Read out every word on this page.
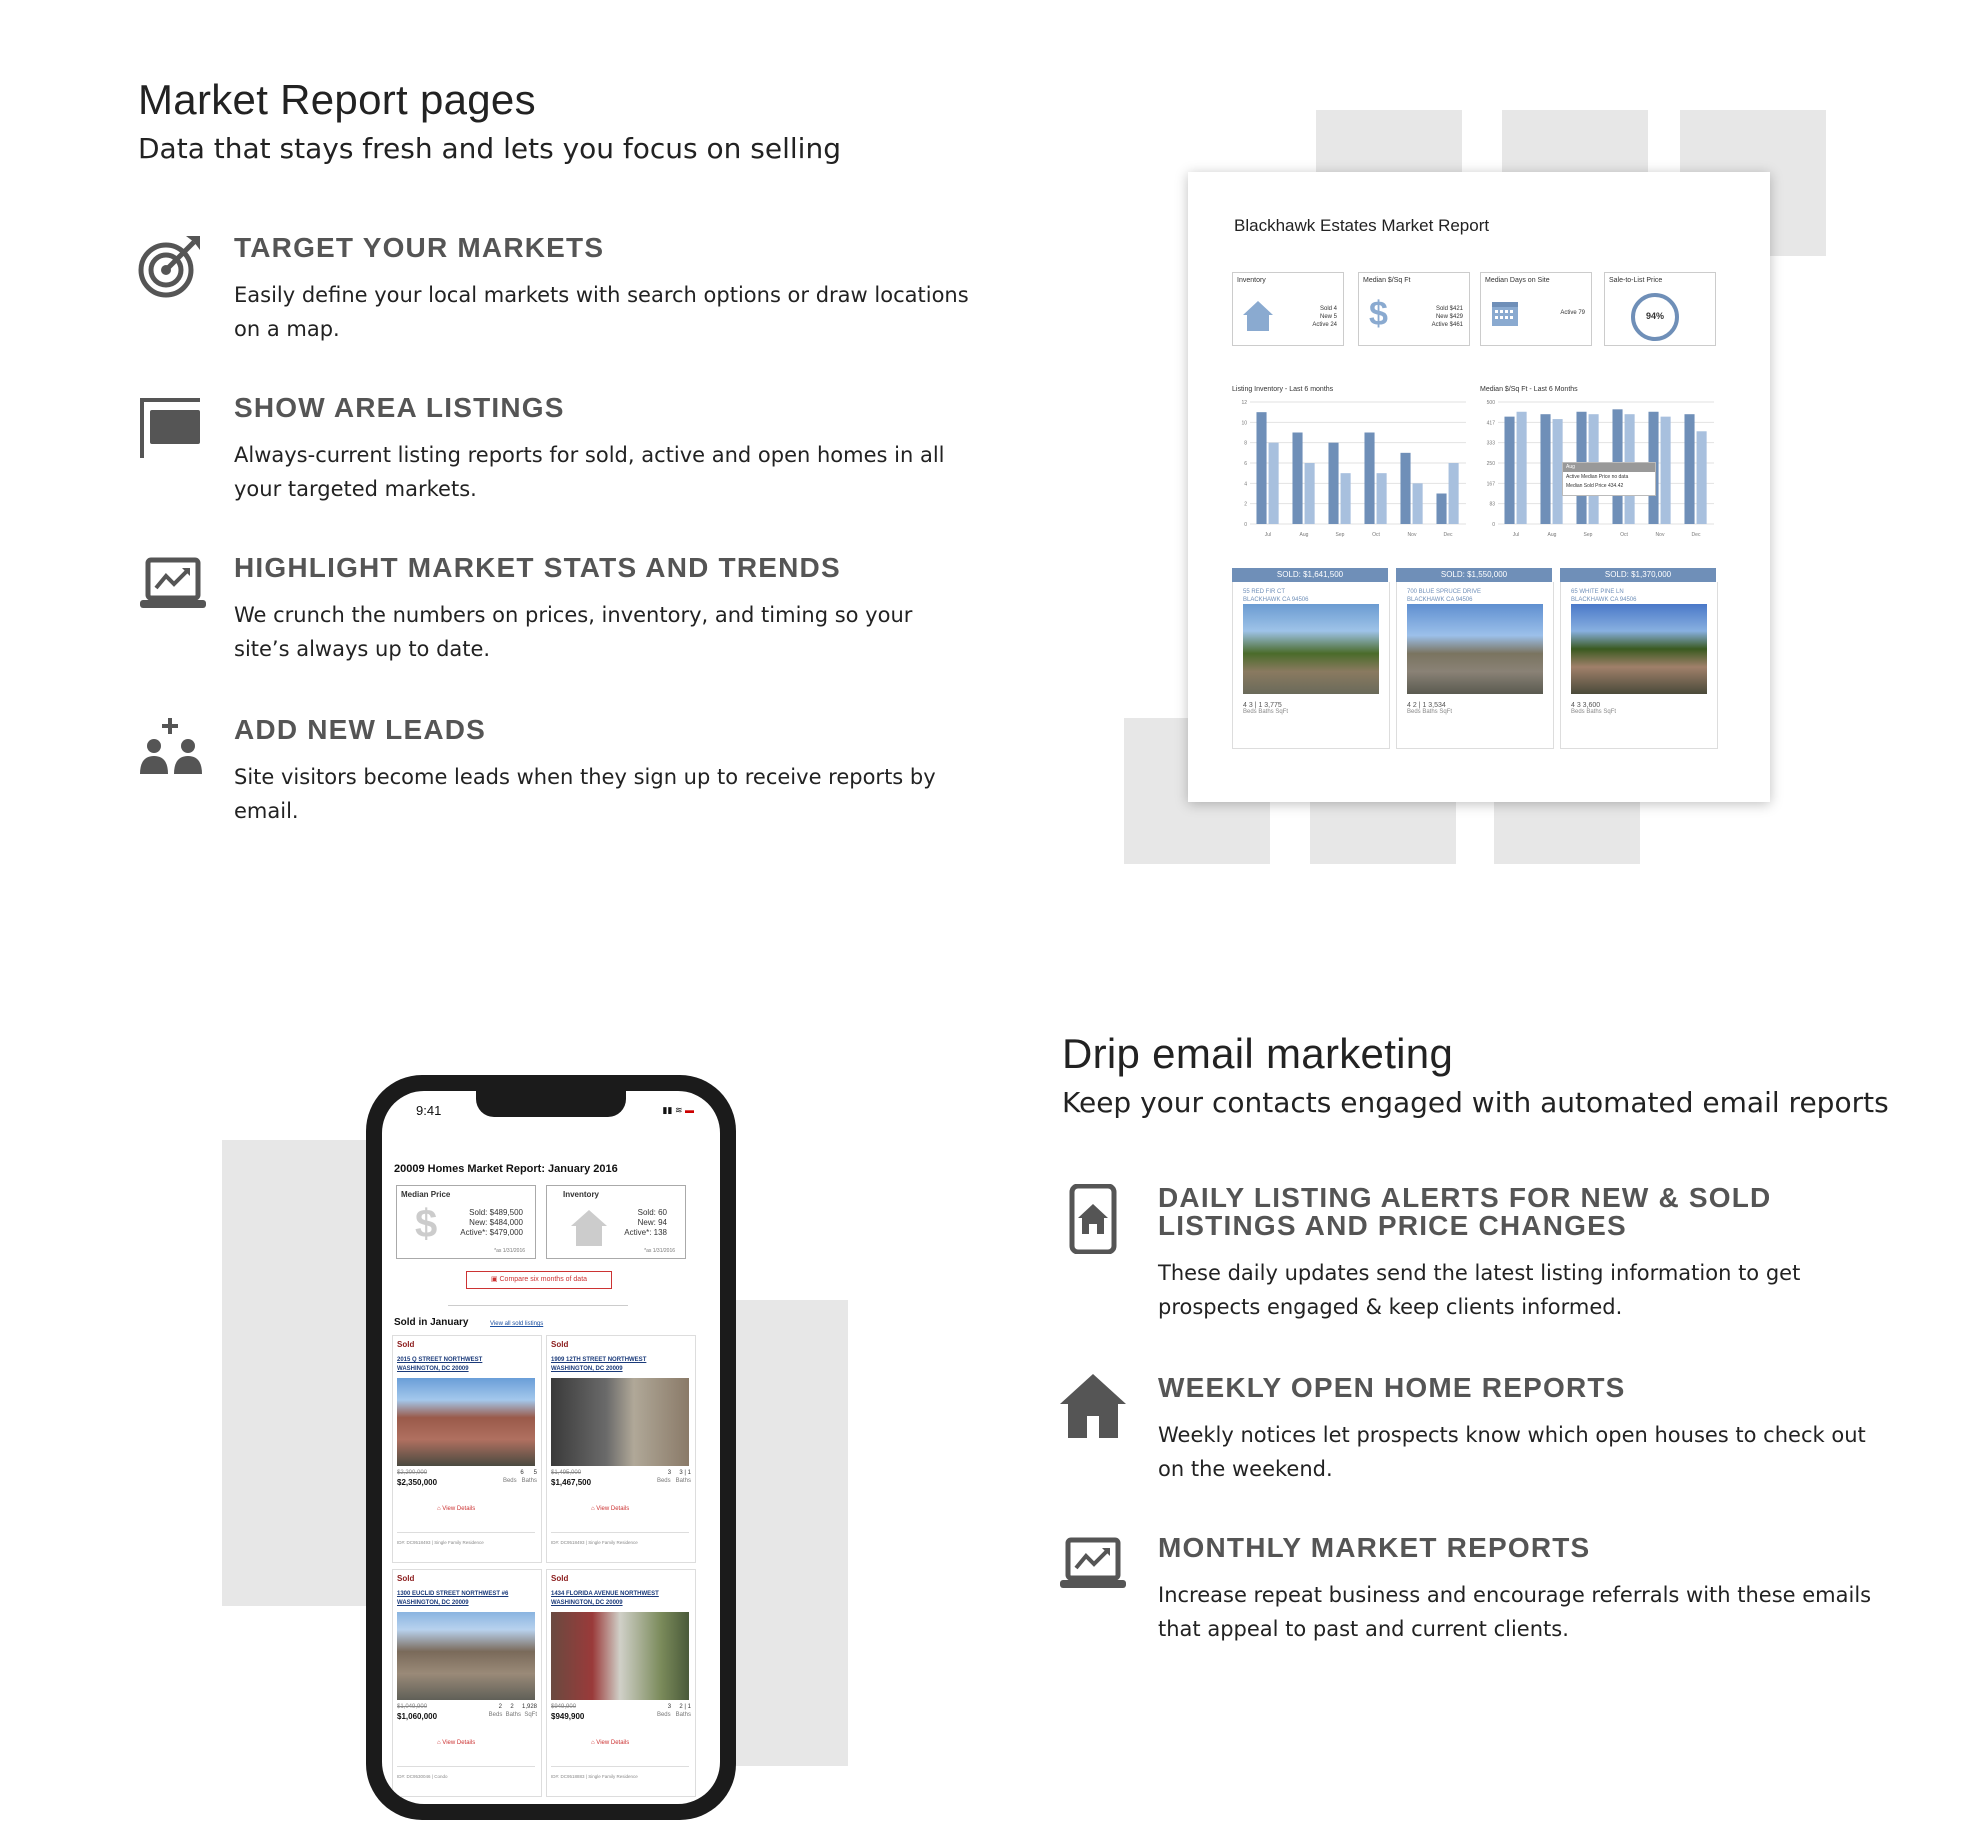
Market Report pages
Data that stays fresh and lets you focus on selling
TARGET YOUR MARKETS
Easily define your local markets with search options or draw locations on a map.
SHOW AREA LISTINGS
Always-current listing reports for sold, active and open homes in all your targeted markets.
HIGHLIGHT MARKET STATS AND TRENDS
We crunch the numbers on prices, inventory, and timing so your site’s always up to date.
ADD NEW LEADS
Site visitors become leads when they sign up to receive reports by email.
Blackhawk Estates Market Report
Inventory
Sold 4
New 5
Active 24
Median $/Sq Ft
$	Sold $421
New $429
Active $461
Median Days on Site
Active 79
Sale-to-List Price
94%
Listing Inventory - Last 6 months	Median $/Sq Ft - Last 6 Months
0
2
4
6
8
10
12
Jul	Aug	Sep	Oct	Nov	Dec
0
83
167
250
333
417
500
Jul	Aug	Sep	Oct	Nov	Dec
Aug
Active Median Price no data
Median Sold Price 434.42
SOLD: $1,641,500
55 RED FIR CT
BLACKHAWK CA 94506
4 3 | 1 3,775
Beds Baths SqFt
SOLD: $1,550,000
700 BLUE SPRUCE DRIVE
BLACKHAWK CA 94506
4 2 | 1 3,534
Beds Baths SqFt
SOLD: $1,370,000
65 WHITE PINE LN
BLACKHAWK CA 94506
4 3 3,600
Beds Baths SqFt
9:41	▮▮ ≋ ▬
20009 Homes Market Report: January 2016
Median Price
$	Sold: $489,500
New: $484,000
Active*: $479,000
*as 1/31/2016
Inventory
Sold: 60
New: 94
Active*: 138
*as 1/31/2016
▣ Compare six months of data
Sold in January	View all sold listings
Sold
2015 Q STREET NORTHWEST
WASHINGTON, DC 20009
$2,200,000
$2,350,000
6      5
Beds   Baths
⌂ View Details
ID#: DC9518493 | Single Family Residence
Sold
1909 12TH STREET NORTHWEST
WASHINGTON, DC 20009
$1,495,000
$1,467,500
3     3 | 1
Beds   Baths
⌂ View Details
ID#: DC9518493 | Single Family Residence
Sold
1300 EUCLID STREET NORTHWEST #6
WASHINGTON, DC 20009
$1,049,900
$1,060,000
2     2     1,928
Beds  Baths  SqFt
⌂ View Details
ID#: DC9530046 | Condo
Sold
1434 FLORIDA AVENUE NORTHWEST
WASHINGTON, DC 20009
$949,900
$949,900
3     2 | 1
Beds   Baths
⌂ View Details
ID#: DC9518883 | Single Family Residence
Drip email marketing
Keep your contacts engaged with automated email reports
DAILY LISTING ALERTS FOR NEW & SOLD LISTINGS AND PRICE CHANGES
These daily updates send the latest listing information to get prospects engaged & keep clients informed.
WEEKLY OPEN HOME REPORTS
Weekly notices let prospects know which open houses to check out on the weekend.
MONTHLY MARKET REPORTS
Increase repeat business and encourage referrals with these emails that appeal to past and current clients.
